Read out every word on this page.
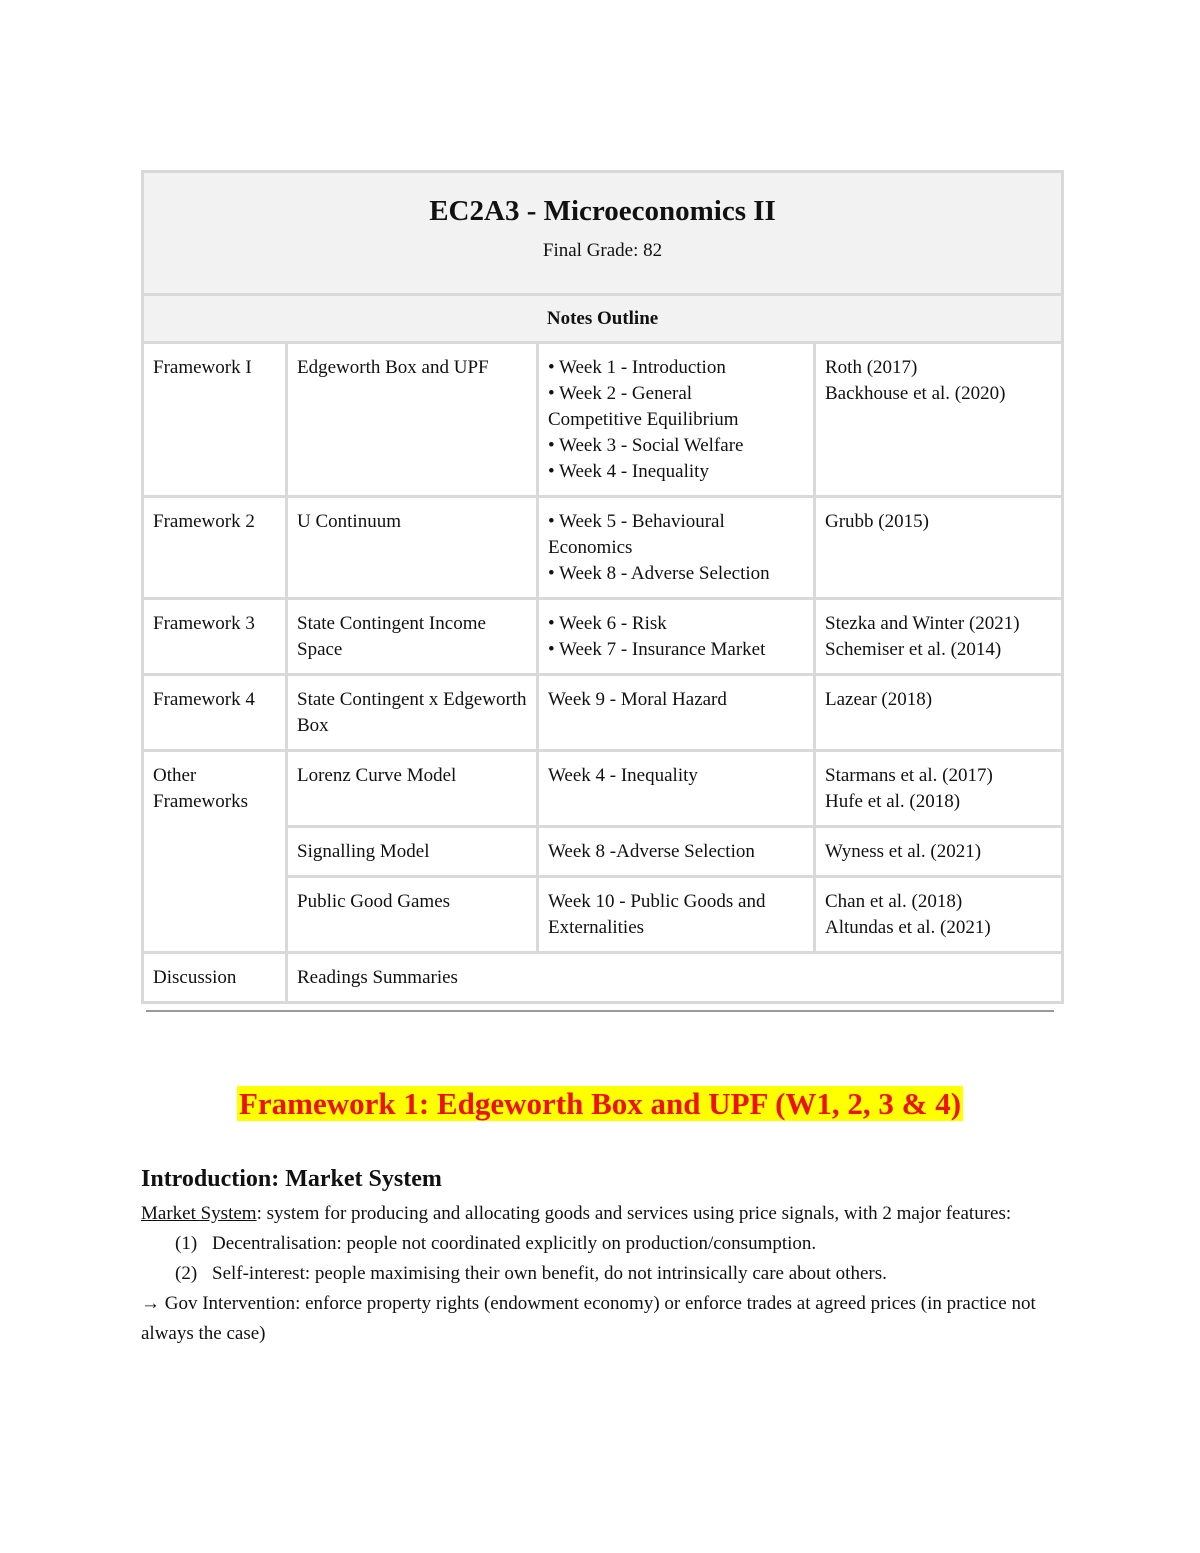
EC2A3 - Microeconomics II
Final Grade: 82			

Notes Outline			
Framework I	Edgeworth Box and UPF	• Week 1 - Introduction
• Week 2 - General
Competitive Equilibrium
• Week 3 - Social Welfare
• Week 4 - Inequality	Roth (2017)
Backhouse et al. (2020)

Framework 2	U Continuum	• Week 5 - Behavioural
Economics
• Week 8 - Adverse Selection	Grubb (2015)

Framework 3	State Contingent Income Space	• Week 6 - Risk
• Week 7 - Insurance Market	Stezka and Winter (2021)
Schemiser et al. (2014)

Framework 4	State Contingent x Edgeworth Box	Week 9 - Moral Hazard	Lazear (2018)

Other Frameworks	Lorenz Curve Model	Week 4 - Inequality	Starmans et al. (2017)
Hufe et al. (2018)

	Signalling Model	Week 8 -Adverse Selection	Wyness et al. (2021)

	Public Good Games	Week 10 - Public Goods and Externalities	Chan et al. (2018)
Altundas et al. (2021)

Discussion	Readings Summaries		
Framework 1: Edgeworth Box and UPF (W1, 2, 3 & 4)
Introduction: Market System
Market System: system for producing and allocating goods and services using price signals, with 2 major features:
(1) Decentralisation: people not coordinated explicitly on production/consumption.
(2) Self-interest: people maximising their own benefit, do not intrinsically care about others.
→ Gov Intervention: enforce property rights (endowment economy) or enforce trades at agreed prices (in practice not always the case)
